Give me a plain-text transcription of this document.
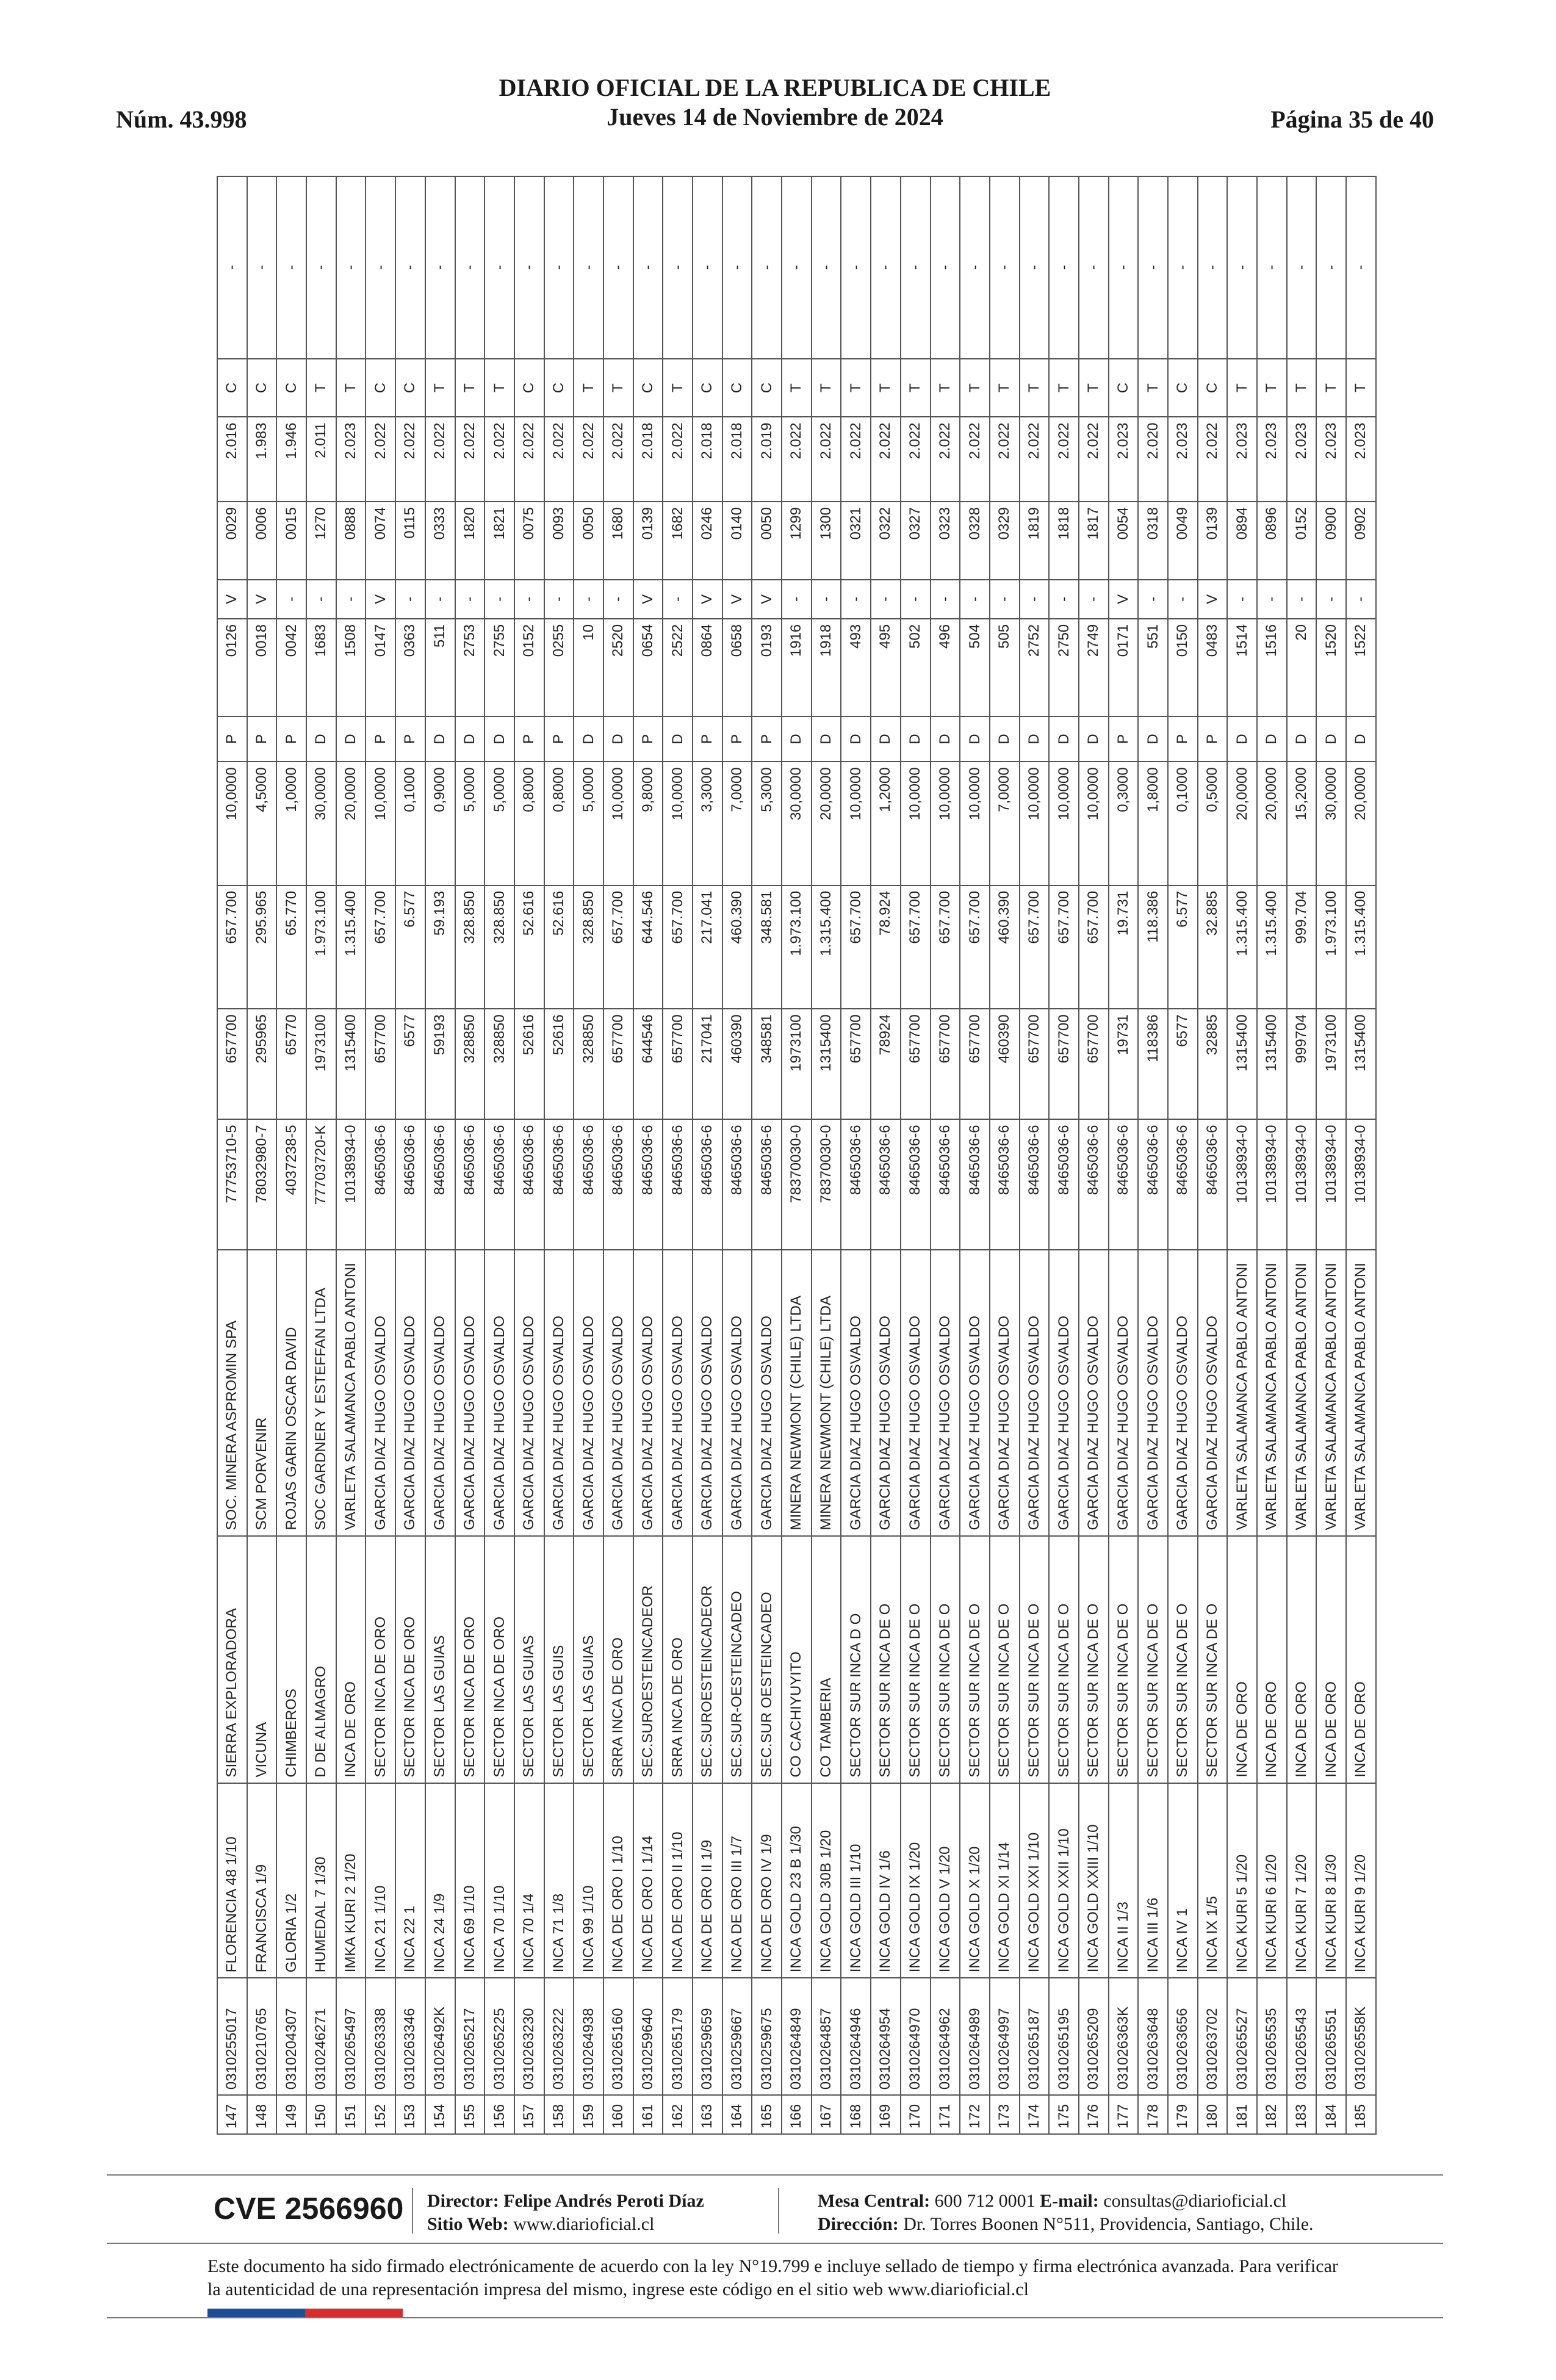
Núm. 43.998
DIARIO OFICIAL DE LA REPUBLICA DE CHILE
Jueves 14 de Noviembre de 2024	Página 35 de 40
147	0310255017	FLORENCIA 48 1/10	SIERRA EXPLORADORA	SOC. MINERA ASPROMIN SPA	77753710-5	657700	657.700	10,0000	P	0126	V	0029	2.016	C	-
148	0310210765	FRANCISCA 1/9	VICUNA	SCM PORVENIR	78032980-7	295965	295.965	4,5000	P	0018	V	0006	1.983	C	-
149	0310204307	GLORIA 1/2	CHIMBEROS	ROJAS GARIN OSCAR DAVID	4037238-5	65770	65.770	1,0000	P	0042	-	0015	1.946	C	-
150	0310246271	HUMEDAL 7 1/30	D DE ALMAGRO	SOC GARDNER Y ESTEFFAN LTDA	77703720-K	1973100	1.973.100	30,0000	D	1683	-	1270	2.011	T	-
151	0310265497	IMKA KURI 2 1/20	INCA DE ORO	VARLETA SALAMANCA PABLO ANTONI	10138934-0	1315400	1.315.400	20,0000	D	1508	-	0888	2.023	T	-
152	0310263338	INCA 21 1/10	SECTOR INCA DE ORO	GARCIA DIAZ HUGO OSVALDO	8465036-6	657700	657.700	10,0000	P	0147	V	0074	2.022	C	-
153	0310263346	INCA 22 1	SECTOR INCA DE ORO	GARCIA DIAZ HUGO OSVALDO	8465036-6	6577	6.577	0,1000	P	0363	-	0115	2.022	C	-
154	031026492K	INCA 24 1/9	SECTOR LAS GUIAS	GARCIA DIAZ HUGO OSVALDO	8465036-6	59193	59.193	0,9000	D	511	-	0333	2.022	T	-
155	0310265217	INCA 69 1/10	SECTOR INCA DE ORO	GARCIA DIAZ HUGO OSVALDO	8465036-6	328850	328.850	5,0000	D	2753	-	1820	2.022	T	-
156	0310265225	INCA 70 1/10	SECTOR INCA DE ORO	GARCIA DIAZ HUGO OSVALDO	8465036-6	328850	328.850	5,0000	D	2755	-	1821	2.022	T	-
157	0310263230	INCA 70 1/4	SECTOR LAS GUIAS	GARCIA DIAZ HUGO OSVALDO	8465036-6	52616	52.616	0,8000	P	0152	-	0075	2.022	C	-
158	0310263222	INCA 71 1/8	SECTOR LAS GUIS	GARCIA DIAZ HUGO OSVALDO	8465036-6	52616	52.616	0,8000	P	0255	-	0093	2.022	C	-
159	0310264938	INCA 99 1/10	SECTOR LAS GUIAS	GARCIA DIAZ HUGO OSVALDO	8465036-6	328850	328.850	5,0000	D	10	-	0050	2.022	T	-
160	0310265160	INCA DE ORO I 1/10	SRRA INCA DE ORO	GARCIA DIAZ HUGO OSVALDO	8465036-6	657700	657.700	10,0000	D	2520	-	1680	2.022	T	-
161	0310259640	INCA DE ORO I 1/14	SEC.SUROESTEINCADEOR	GARCIA DIAZ HUGO OSVALDO	8465036-6	644546	644.546	9,8000	P	0654	V	0139	2.018	C	-
162	0310265179	INCA DE ORO II 1/10	SRRA INCA DE ORO	GARCIA DIAZ HUGO OSVALDO	8465036-6	657700	657.700	10,0000	D	2522	-	1682	2.022	T	-
163	0310259659	INCA DE ORO II 1/9	SEC.SUROESTEINCADEOR	GARCIA DIAZ HUGO OSVALDO	8465036-6	217041	217.041	3,3000	P	0864	V	0246	2.018	C	-
164	0310259667	INCA DE ORO III 1/7	SEC.SUR-OESTEINCADEO	GARCIA DIAZ HUGO OSVALDO	8465036-6	460390	460.390	7,0000	P	0658	V	0140	2.018	C	-
165	0310259675	INCA DE ORO IV 1/9	SEC.SUR OESTEINCADEO	GARCIA DIAZ HUGO OSVALDO	8465036-6	348581	348.581	5,3000	P	0193	V	0050	2.019	C	-
166	0310264849	INCA GOLD 23 B 1/30	CO CACHIYUYITO	MINERA NEWMONT (CHILE) LTDA	78370030-0	1973100	1.973.100	30,0000	D	1916	-	1299	2.022	T	-
167	0310264857	INCA GOLD 30B 1/20	CO TAMBERIA	MINERA NEWMONT (CHILE) LTDA	78370030-0	1315400	1.315.400	20,0000	D	1918	-	1300	2.022	T	-
168	0310264946	INCA GOLD III 1/10	SECTOR SUR INCA D O	GARCIA DIAZ HUGO OSVALDO	8465036-6	657700	657.700	10,0000	D	493	-	0321	2.022	T	-
169	0310264954	INCA GOLD IV 1/6	SECTOR SUR INCA DE O	GARCIA DIAZ HUGO OSVALDO	8465036-6	78924	78.924	1,2000	D	495	-	0322	2.022	T	-
170	0310264970	INCA GOLD IX 1/20	SECTOR SUR INCA DE O	GARCIA DIAZ HUGO OSVALDO	8465036-6	657700	657.700	10,0000	D	502	-	0327	2.022	T	-
171	0310264962	INCA GOLD V 1/20	SECTOR SUR INCA DE O	GARCIA DIAZ HUGO OSVALDO	8465036-6	657700	657.700	10,0000	D	496	-	0323	2.022	T	-
172	0310264989	INCA GOLD X 1/20	SECTOR SUR INCA DE O	GARCIA DIAZ HUGO OSVALDO	8465036-6	657700	657.700	10,0000	D	504	-	0328	2.022	T	-
173	0310264997	INCA GOLD XI 1/14	SECTOR SUR INCA DE O	GARCIA DIAZ HUGO OSVALDO	8465036-6	460390	460.390	7,0000	D	505	-	0329	2.022	T	-
174	0310265187	INCA GOLD XXI 1/10	SECTOR SUR INCA DE O	GARCIA DIAZ HUGO OSVALDO	8465036-6	657700	657.700	10,0000	D	2752	-	1819	2.022	T	-
175	0310265195	INCA GOLD XXII 1/10	SECTOR SUR INCA DE O	GARCIA DIAZ HUGO OSVALDO	8465036-6	657700	657.700	10,0000	D	2750	-	1818	2.022	T	-
176	0310265209	INCA GOLD XXIII 1/10	SECTOR SUR INCA DE O	GARCIA DIAZ HUGO OSVALDO	8465036-6	657700	657.700	10,0000	D	2749	-	1817	2.022	T	-
177	031026363K	INCA II 1/3	SECTOR SUR INCA DE O	GARCIA DIAZ HUGO OSVALDO	8465036-6	19731	19.731	0,3000	P	0171	V	0054	2.023	C	-
178	0310263648	INCA III 1/6	SECTOR SUR INCA DE O	GARCIA DIAZ HUGO OSVALDO	8465036-6	118386	118.386	1,8000	D	551	-	0318	2.020	T	-
179	0310263656	INCA IV 1	SECTOR SUR INCA DE O	GARCIA DIAZ HUGO OSVALDO	8465036-6	6577	6.577	0,1000	P	0150	-	0049	2.023	C	-
180	0310263702	INCA IX 1/5	SECTOR SUR INCA DE O	GARCIA DIAZ HUGO OSVALDO	8465036-6	32885	32.885	0,5000	P	0483	V	0139	2.022	C	-
181	0310265527	INCA KURI 5 1/20	INCA DE ORO	VARLETA SALAMANCA PABLO ANTONI	10138934-0	1315400	1.315.400	20,0000	D	1514	-	0894	2.023	T	-
182	0310265535	INCA KURI 6 1/20	INCA DE ORO	VARLETA SALAMANCA PABLO ANTONI	10138934-0	1315400	1.315.400	20,0000	D	1516	-	0896	2.023	T	-
183	0310265543	INCA KURI 7 1/20	INCA DE ORO	VARLETA SALAMANCA PABLO ANTONI	10138934-0	999704	999.704	15,2000	D	20	-	0152	2.023	T	-
184	0310265551	INCA KURI 8 1/30	INCA DE ORO	VARLETA SALAMANCA PABLO ANTONI	10138934-0	1973100	1.973.100	30,0000	D	1520	-	0900	2.023	T	-
185	031026558K	INCA KURI 9 1/20	INCA DE ORO	VARLETA SALAMANCA PABLO ANTONI	10138934-0	1315400	1.315.400	20,0000	D	1522	-	0902	2.023	T	-
CVE 2566960 Director: Felipe Andrés Peroti Díaz
Sitio Web: www.diarioficial.cl
Mesa Central: 600 712 0001 E-mail: consultas@diarioficial.cl
Dirección: Dr. Torres Boonen N°511, Providencia, Santiago, Chile.
Este documento ha sido firmado electrónicamente de acuerdo con la ley N°19.799 e incluye sellado de tiempo y firma electrónica avanzada. Para verificar la autenticidad de una representación impresa del mismo, ingrese este código en el sitio web www.diarioficial.cl
